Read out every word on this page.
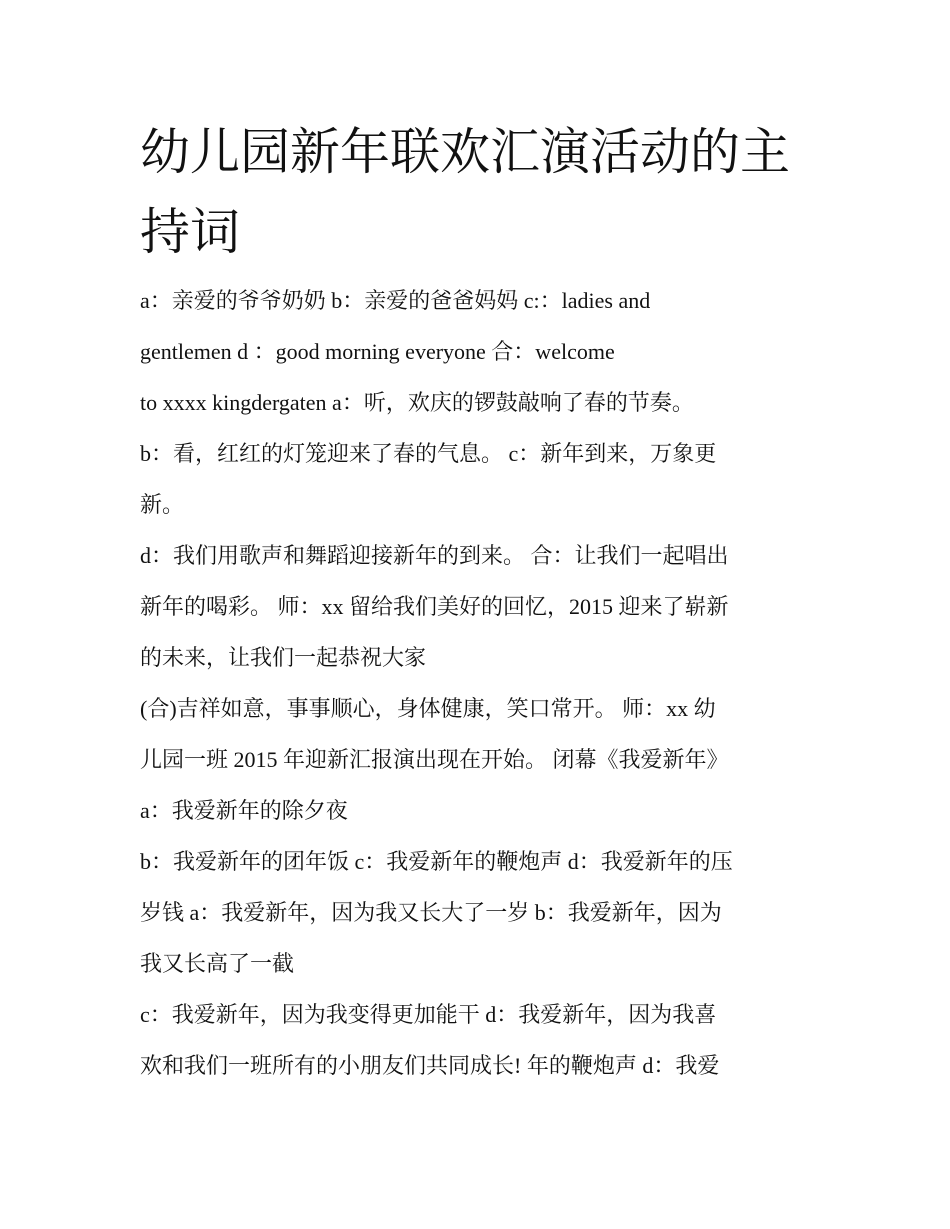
幼儿园新年联欢汇演活动的主持词

a：亲爱的爷爷奶奶 b：亲爱的爸爸妈妈 c:：ladies and

gentlemen d ：good morning everyone 合：welcome

to xxxx kingdergaten a：听，欢庆的锣鼓敲响了春的节奏。

b：看，红红的灯笼迎来了春的气息。 c：新年到来，万象更

新。

d：我们用歌声和舞蹈迎接新年的到来。 合：让我们一起唱出

新年的喝彩。 师：xx 留给我们美好的回忆，2015 迎来了崭新

的未来，让我们一起恭祝大家

(合)吉祥如意，事事顺心，身体健康，笑口常开。 师：xx 幼

儿园一班 2015 年迎新汇报演出现在开始。 闭幕《我爱新年》

a：我爱新年的除夕夜

b：我爱新年的团年饭 c：我爱新年的鞭炮声 d：我爱新年的压

岁钱 a：我爱新年，因为我又长大了一岁 b：我爱新年，因为

我又长高了一截

c：我爱新年，因为我变得更加能干 d：我爱新年，因为我喜

欢和我们一班所有的小朋友们共同成长! 年的鞭炮声 d：我爱
